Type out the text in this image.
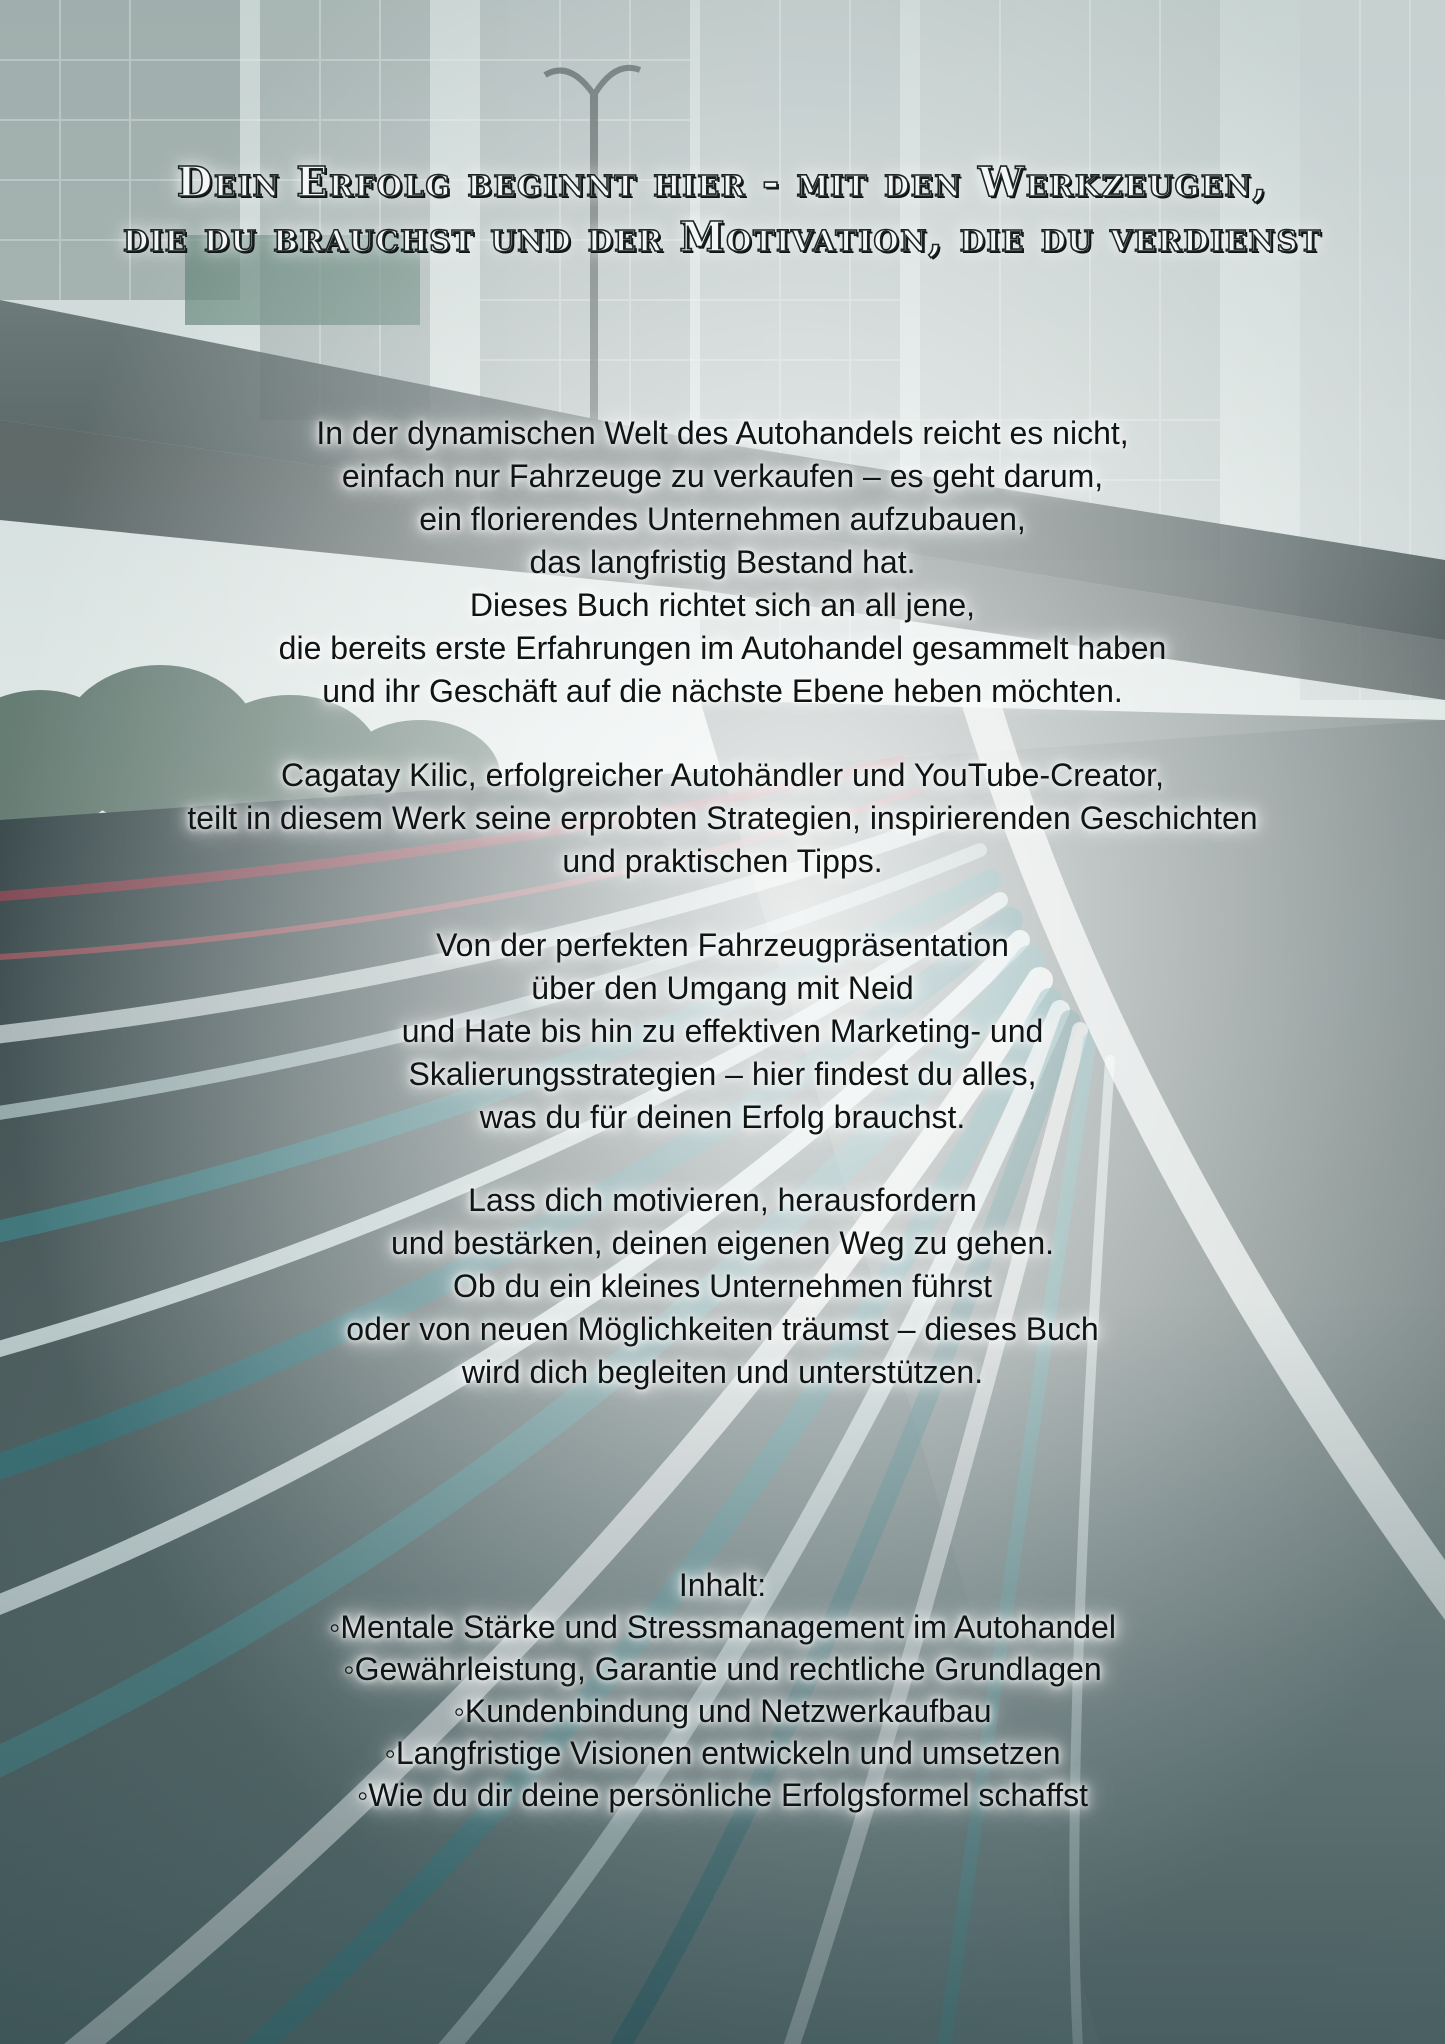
Dein Erfolg beginnt hier - mit den Werkzeugen,
die du brauchst und der Motivation, die du verdienst
In der dynamischen Welt des Autohandels reicht es nicht,
einfach nur Fahrzeuge zu verkaufen – es geht darum,
ein florierendes Unternehmen aufzubauen,
das langfristig Bestand hat.
Dieses Buch richtet sich an all jene,
die bereits erste Erfahrungen im Autohandel gesammelt haben
und ihr Geschäft auf die nächste Ebene heben möchten.
Cagatay Kilic, erfolgreicher Autohändler und YouTube-Creator,
teilt in diesem Werk seine erprobten Strategien, inspirierenden Geschichten
und praktischen Tipps.
Von der perfekten Fahrzeugpräsentation
über den Umgang mit Neid
und Hate bis hin zu effektiven Marketing- und
Skalierungsstrategien – hier findest du alles,
was du für deinen Erfolg brauchst.
Lass dich motivieren, herausfordern
und bestärken, deinen eigenen Weg zu gehen.
Ob du ein kleines Unternehmen führst
oder von neuen Möglichkeiten träumst – dieses Buch
wird dich begleiten und unterstützen.
Inhalt:
◦Mentale Stärke und Stressmanagement im Autohandel
◦Gewährleistung, Garantie und rechtliche Grundlagen
◦Kundenbindung und Netzwerkaufbau
◦Langfristige Visionen entwickeln und umsetzen
◦Wie du dir deine persönliche Erfolgsformel schaffst
